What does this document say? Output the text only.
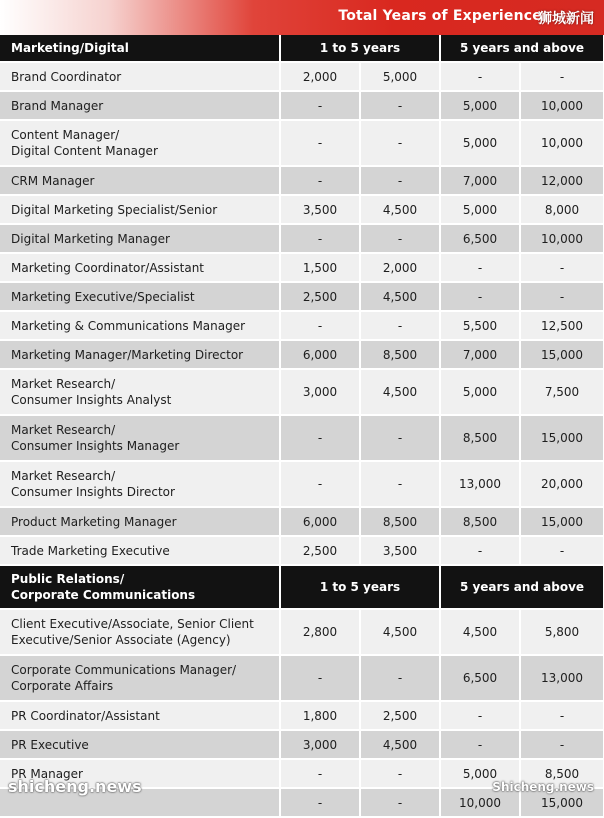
Total Years of Experience
狮城新闻
Marketing/Digital	1 to 5 years		5 years and above	
Brand Coordinator	2,000	5,000	-	-
Brand Manager	-	-	5,000	10,000
Content Manager/
Digital Content Manager	-	-	5,000	10,000
CRM Manager	-	-	7,000	12,000
Digital Marketing Specialist/Senior	3,500	4,500	5,000	8,000
Digital Marketing Manager	-	-	6,500	10,000
Marketing Coordinator/Assistant	1,500	2,000	-	-
Marketing Executive/Specialist	2,500	4,500	-	-
Marketing & Communications Manager	-	-	5,500	12,500
Marketing Manager/Marketing Director	6,000	8,500	7,000	15,000
Market Research/
Consumer Insights Analyst	3,000	4,500	5,000	7,500
Market Research/
Consumer Insights Manager	-	-	8,500	15,000
Market Research/
Consumer Insights Director	-	-	13,000	20,000
Product Marketing Manager	6,000	8,500	8,500	15,000
Trade Marketing Executive	2,500	3,500	-	-
Public Relations/
Corporate Communications	1 to 5 years		5 years and above	
Client Executive/Associate, Senior Client
Executive/Senior Associate (Agency)	2,800	4,500	4,500	5,800
Corporate Communications Manager/
Corporate Affairs	-	-	6,500	13,000
PR Coordinator/Assistant	1,800	2,500	-	-
PR Executive	3,000	4,500	-	-
PR Manager	-	-	5,000	8,500
	-	-	10,000	15,000
shicheng.news	Shicheng.news
